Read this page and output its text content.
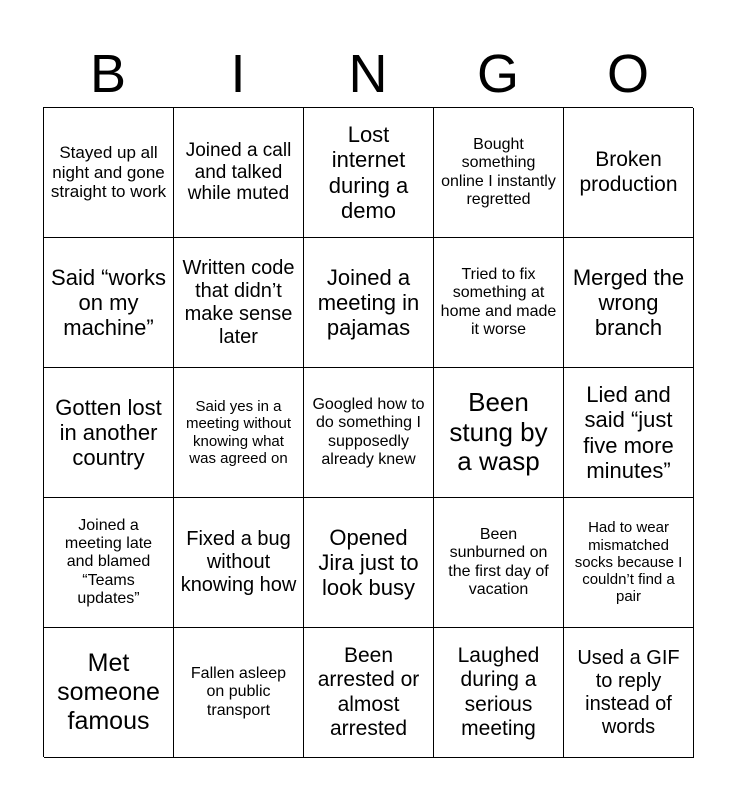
B	I	N	G	O
Stayed up all night and gone straight to work
Joined a call and talked while muted
Lost internet during a demo
Bought something online I instantly regretted
Broken production
Said “works on my machine”
Written code that didn’t make sense later
Joined a meeting in pajamas
Tried to fix something at home and made it worse
Merged the wrong branch
Gotten lost in another country
Said yes in a meeting without knowing what was agreed on
Googled how to do something I supposedly already knew
Been stung by a wasp
Lied and said “just five more minutes”
Joined a meeting late and blamed “Teams updates”
Fixed a bug without knowing how
Opened Jira just to look busy
Been sunburned on the first day of vacation
Had to wear mismatched socks because I couldn’t find a pair
Met someone famous
Fallen asleep on public transport
Been arrested or almost arrested
Laughed during a serious meeting
Used a GIF to reply instead of words
